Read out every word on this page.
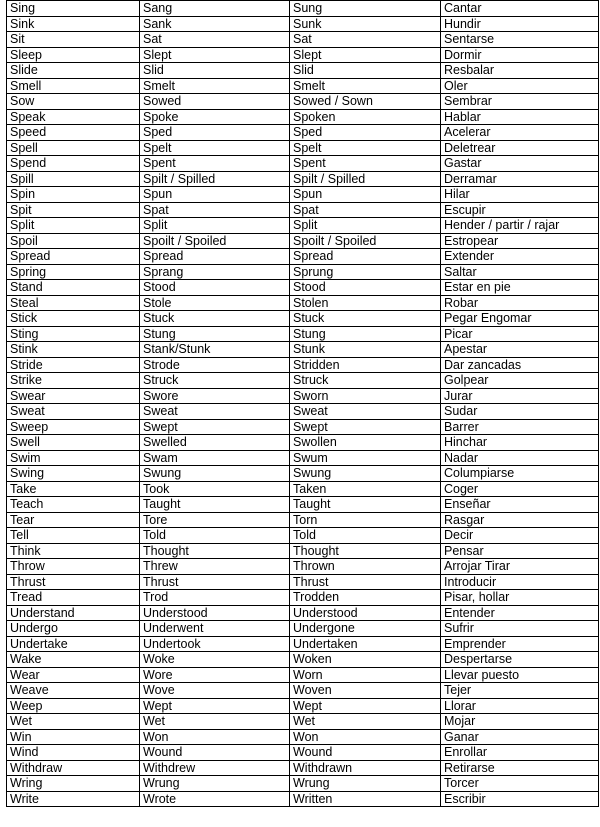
Sing	Sang	Sung	Cantar
Sink	Sank	Sunk	Hundir
Sit	Sat	Sat	Sentarse
Sleep	Slept	Slept	Dormir
Slide	Slid	Slid	Resbalar
Smell	Smelt	Smelt	Oler
Sow	Sowed	Sowed / Sown	Sembrar
Speak	Spoke	Spoken	Hablar
Speed	Sped	Sped	Acelerar
Spell	Spelt	Spelt	Deletrear
Spend	Spent	Spent	Gastar
Spill	Spilt / Spilled	Spilt / Spilled	Derramar
Spin	Spun	Spun	Hilar
Spit	Spat	Spat	Escupir
Split	Split	Split	Hender / partir / rajar
Spoil	Spoilt / Spoiled	Spoilt / Spoiled	Estropear
Spread	Spread	Spread	Extender
Spring	Sprang	Sprung	Saltar
Stand	Stood	Stood	Estar en pie
Steal	Stole	Stolen	Robar
Stick	Stuck	Stuck	Pegar Engomar
Sting	Stung	Stung	Picar
Stink	Stank/Stunk	Stunk	Apestar
Stride	Strode	Stridden	Dar zancadas
Strike	Struck	Struck	Golpear
Swear	Swore	Sworn	Jurar
Sweat	Sweat	Sweat	Sudar
Sweep	Swept	Swept	Barrer
Swell	Swelled	Swollen	Hinchar
Swim	Swam	Swum	Nadar
Swing	Swung	Swung	Columpiarse
Take	Took	Taken	Coger
Teach	Taught	Taught	Enseñar
Tear	Tore	Torn	Rasgar
Tell	Told	Told	Decir
Think	Thought	Thought	Pensar
Throw	Threw	Thrown	Arrojar Tirar
Thrust	Thrust	Thrust	Introducir
Tread	Trod	Trodden	Pisar, hollar
Understand	Understood	Understood	Entender
Undergo	Underwent	Undergone	Sufrir
Undertake	Undertook	Undertaken	Emprender
Wake	Woke	Woken	Despertarse
Wear	Wore	Worn	Llevar puesto
Weave	Wove	Woven	Tejer
Weep	Wept	Wept	Llorar
Wet	Wet	Wet	Mojar
Win	Won	Won	Ganar
Wind	Wound	Wound	Enrollar
Withdraw	Withdrew	Withdrawn	Retirarse
Wring	Wrung	Wrung	Torcer
Write	Wrote	Written	Escribir
